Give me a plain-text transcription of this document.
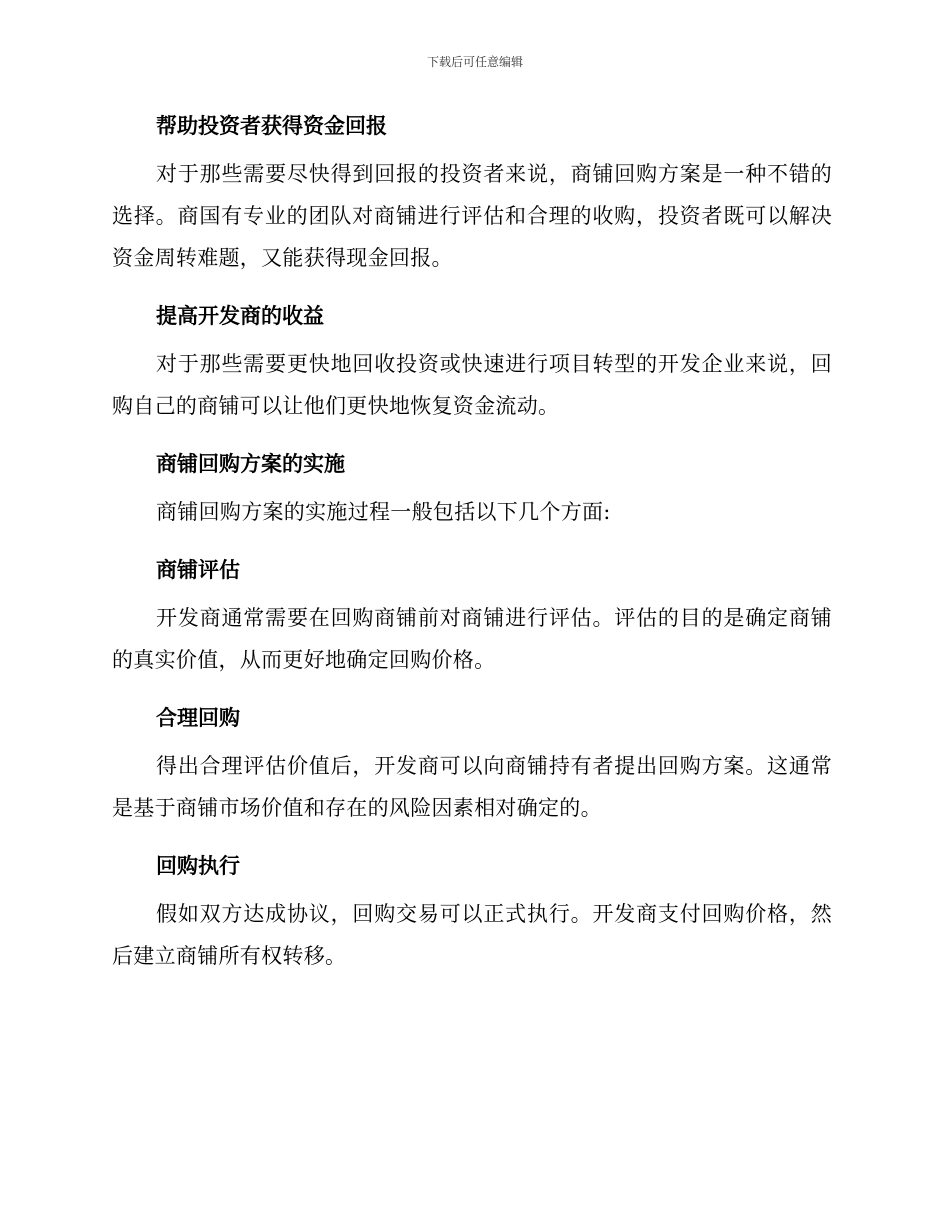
下载后可任意编辑
帮助投资者获得资金回报

对于那些需要尽快得到回报的投资者来说，商铺回购方案是一种不错的选择。商国有专业的团队对商铺进行评估和合理的收购，投资者既可以解决资金周转难题，又能获得现金回报。

提高开发商的收益

对于那些需要更快地回收投资或快速进行项目转型的开发企业来说，回购自己的商铺可以让他们更快地恢复资金流动。

商铺回购方案的实施

商铺回购方案的实施过程一般包括以下几个方面:

商铺评估

开发商通常需要在回购商铺前对商铺进行评估。评估的目的是确定商铺的真实价值，从而更好地确定回购价格。

合理回购

得出合理评估价值后，开发商可以向商铺持有者提出回购方案。这通常是基于商铺市场价值和存在的风险因素相对确定的。

回购执行

假如双方达成协议，回购交易可以正式执行。开发商支付回购价格，然后建立商铺所有权转移。
